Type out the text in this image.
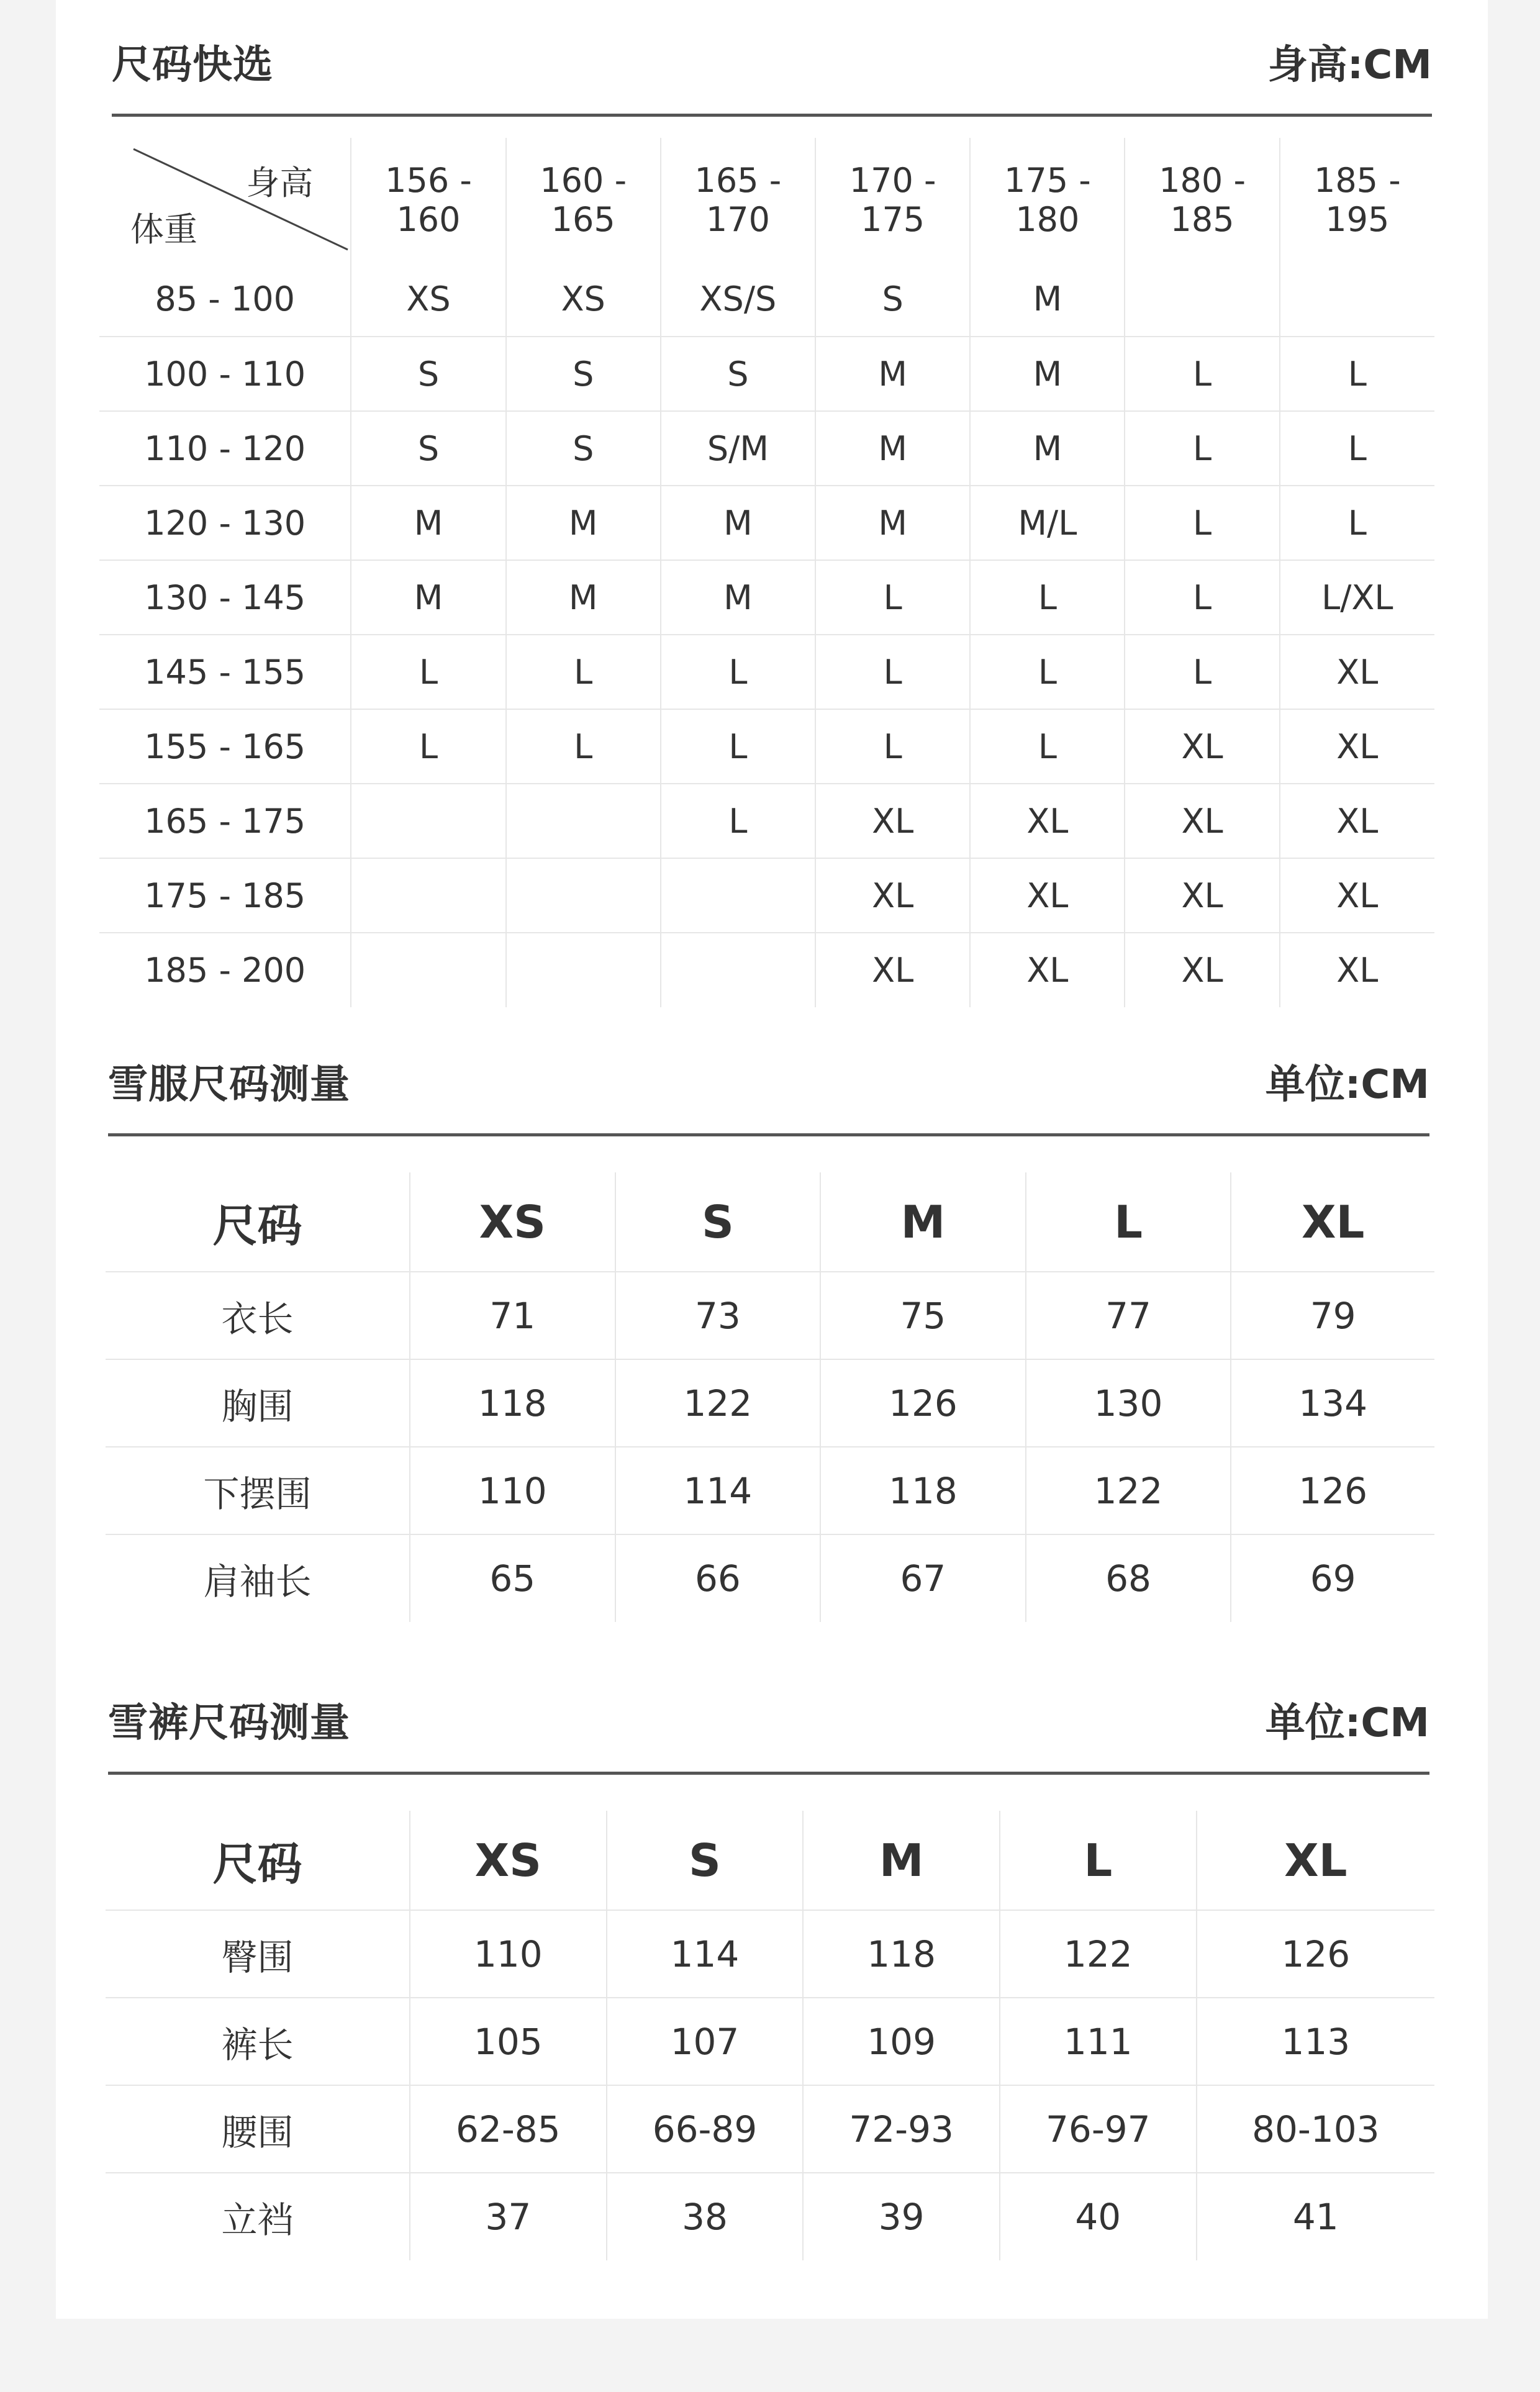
尺码快选	身高:CM
身高
体重	156 - 160	160 - 165	165 - 170	170 - 175	175 - 180	180 - 185	185 - 195
85 - 100	XS	XS	XS/S	S	M		
100 - 110	S	S	S	M	M	L	L
110 - 120	S	S	S/M	M	M	L	L
120 - 130	M	M	M	M	M/L	L	L
130 - 145	M	M	M	L	L	L	L/XL
145 - 155	L	L	L	L	L	L	XL
155 - 165	L	L	L	L	L	XL	XL
165 - 175			L	XL	XL	XL	XL
175 - 185				XL	XL	XL	XL
185 - 200				XL	XL	XL	XL
雪服尺码测量	单位:CM
尺码	XS	S	M	L	XL
衣长	71	73	75	77	79
胸围	118	122	126	130	134
下摆围	110	114	118	122	126
肩袖长	65	66	67	68	69
雪裤尺码测量	单位:CM
尺码	XS	S	M	L	XL
臀围	110	114	118	122	126
裤长	105	107	109	111	113
腰围	62-85	66-89	72-93	76-97	80-103
立裆	37	38	39	40	41
